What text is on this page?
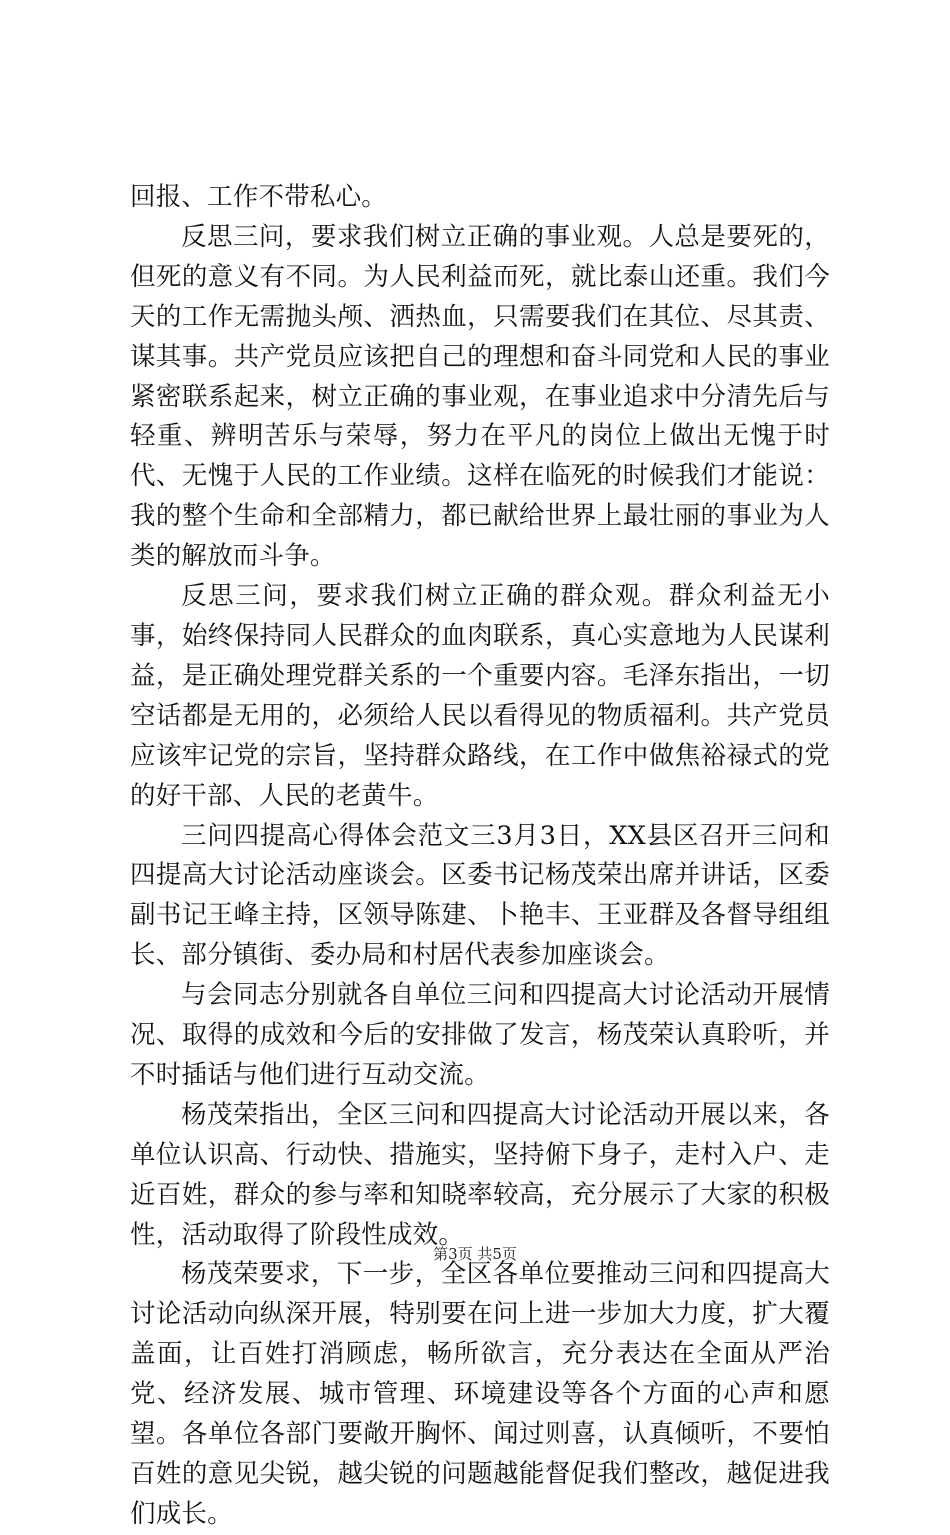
回报、工作不带私心。

反思三问，要求我们树立正确的事业观。人总是要死的，但死的意义有不同。为人民利益而死，就比泰山还重。我们今天的工作无需抛头颅、洒热血，只需要我们在其位、尽其责、谋其事。共产党员应该把自己的理想和奋斗同党和人民的事业紧密联系起来，树立正确的事业观，在事业追求中分清先后与轻重、辨明苦乐与荣辱，努力在平凡的岗位上做出无愧于时代、无愧于人民的工作业绩。这样在临死的时候我们才能说：我的整个生命和全部精力，都已献给世界上最壮丽的事业为人类的解放而斗争。

反思三问，要求我们树立正确的群众观。群众利益无小事，始终保持同人民群众的血肉联系，真心实意地为人民谋利益，是正确处理党群关系的一个重要内容。毛泽东指出，一切空话都是无用的，必须给人民以看得见的物质福利。共产党员应该牢记党的宗旨，坚持群众路线，在工作中做焦裕禄式的党的好干部、人民的老黄牛。

三问四提高心得体会范文三3月3日，XX县区召开三问和四提高大讨论活动座谈会。区委书记杨茂荣出席并讲话，区委副书记王峰主持，区领导陈建、卜艳丰、王亚群及各督导组组长、部分镇街、委办局和村居代表参加座谈会。

与会同志分别就各自单位三问和四提高大讨论活动开展情况、取得的成效和今后的安排做了发言，杨茂荣认真聆听，并不时插话与他们进行互动交流。

杨茂荣指出，全区三问和四提高大讨论活动开展以来，各单位认识高、行动快、措施实，坚持俯下身子，走村入户、走近百姓，群众的参与率和知晓率较高，充分展示了大家的积极性，活动取得了阶段性成效。

杨茂荣要求，下一步，全区各单位要推动三问和四提高大讨论活动向纵深开展，特别要在问上进一步加大力度，扩大覆盖面，让百姓打消顾虑，畅所欲言，充分表达在全面从严治党、经济发展、城市管理、环境建设等各个方面的心声和愿望。各单位各部门要敞开胸怀、闻过则喜，认真倾听，不要怕百姓的意见尖锐，越尖锐的问题越能督促我们整改，越促进我们成长。

第3页 共5页
